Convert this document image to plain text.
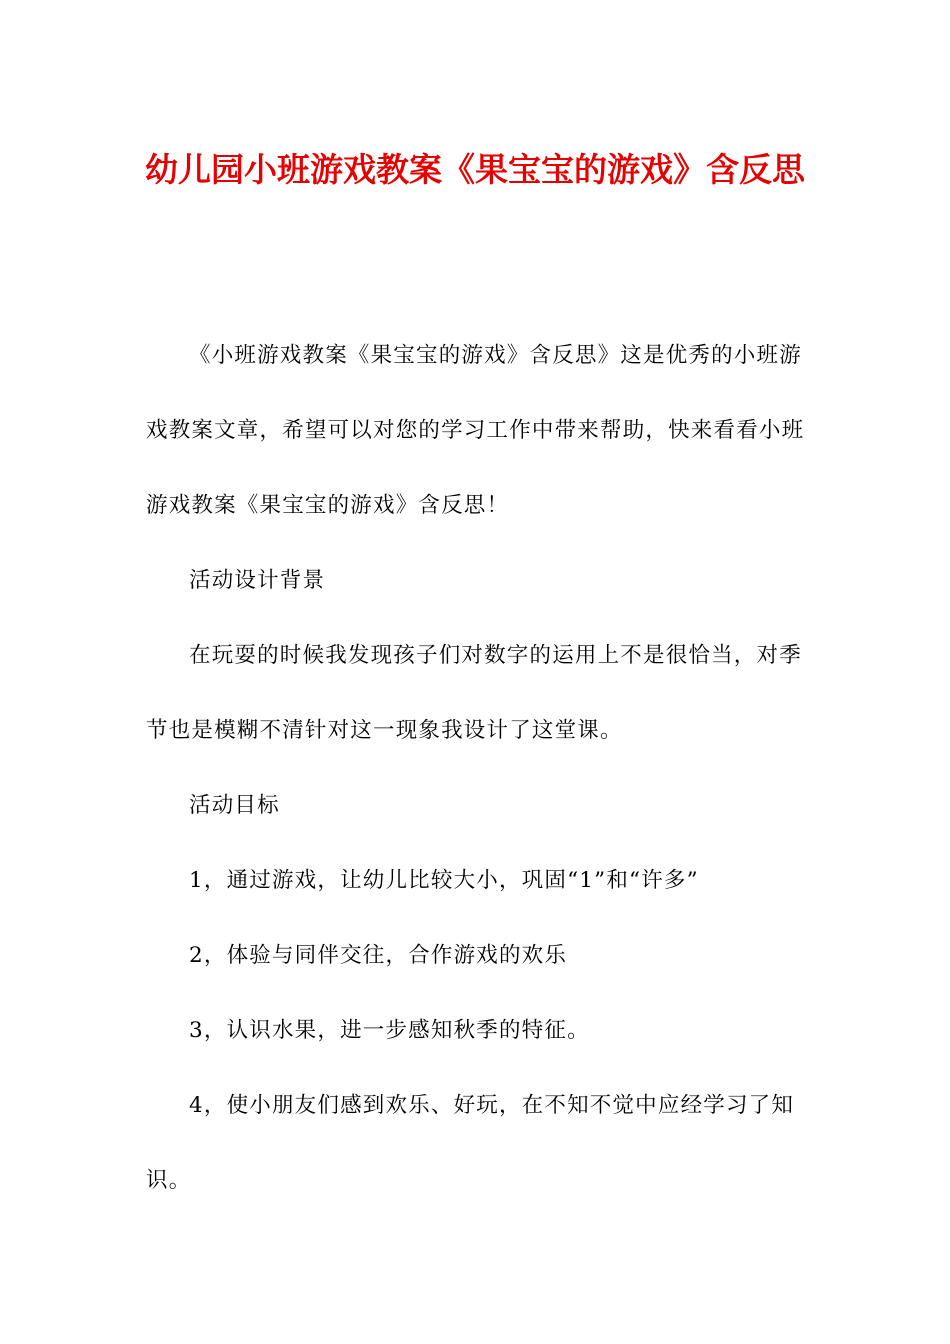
幼儿园小班游戏教案《果宝宝的游戏》含反思

《小班游戏教案《果宝宝的游戏》含反思》这是优秀的小班游戏教案文章，希望可以对您的学习工作中带来帮助，快来看看小班游戏教案《果宝宝的游戏》含反思！

活动设计背景

在玩耍的时候我发现孩子们对数字的运用上不是很恰当，对季节也是模糊不清针对这一现象我设计了这堂课。

活动目标

1，通过游戏，让幼儿比较大小，巩固“1”和“许多”

2，体验与同伴交往，合作游戏的欢乐

3，认识水果，进一步感知秋季的特征。

4，使小朋友们感到欢乐、好玩，在不知不觉中应经学习了知识。
